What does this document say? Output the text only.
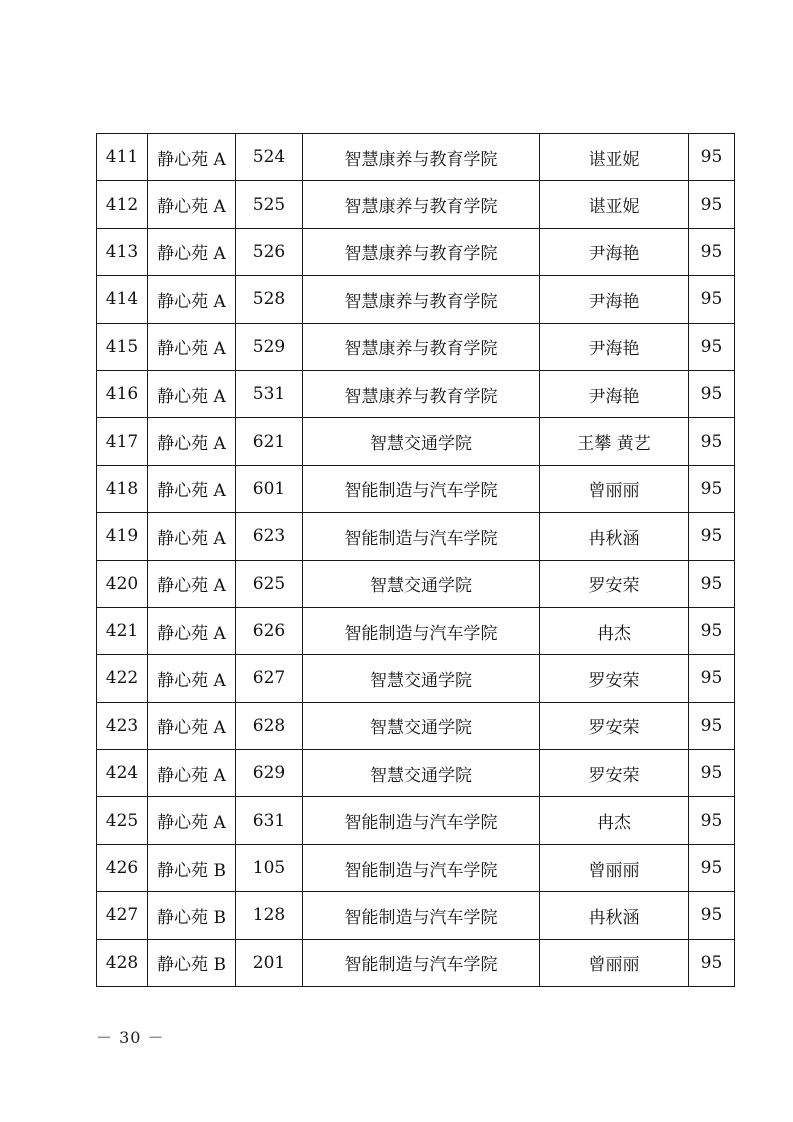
411	静心苑 A	524	智慧康养与教育学院	谌亚妮	95
412	静心苑 A	525	智慧康养与教育学院	谌亚妮	95
413	静心苑 A	526	智慧康养与教育学院	尹海艳	95
414	静心苑 A	528	智慧康养与教育学院	尹海艳	95
415	静心苑 A	529	智慧康养与教育学院	尹海艳	95
416	静心苑 A	531	智慧康养与教育学院	尹海艳	95
417	静心苑 A	621	智慧交通学院	王攀 黄艺	95
418	静心苑 A	601	智能制造与汽车学院	曾丽丽	95
419	静心苑 A	623	智能制造与汽车学院	冉秋涵	95
420	静心苑 A	625	智慧交通学院	罗安荣	95
421	静心苑 A	626	智能制造与汽车学院	冉杰	95
422	静心苑 A	627	智慧交通学院	罗安荣	95
423	静心苑 A	628	智慧交通学院	罗安荣	95
424	静心苑 A	629	智慧交通学院	罗安荣	95
425	静心苑 A	631	智能制造与汽车学院	冉杰	95
426	静心苑 B	105	智能制造与汽车学院	曾丽丽	95
427	静心苑 B	128	智能制造与汽车学院	冉秋涵	95
428	静心苑 B	201	智能制造与汽车学院	曾丽丽	95
－ 30 －
